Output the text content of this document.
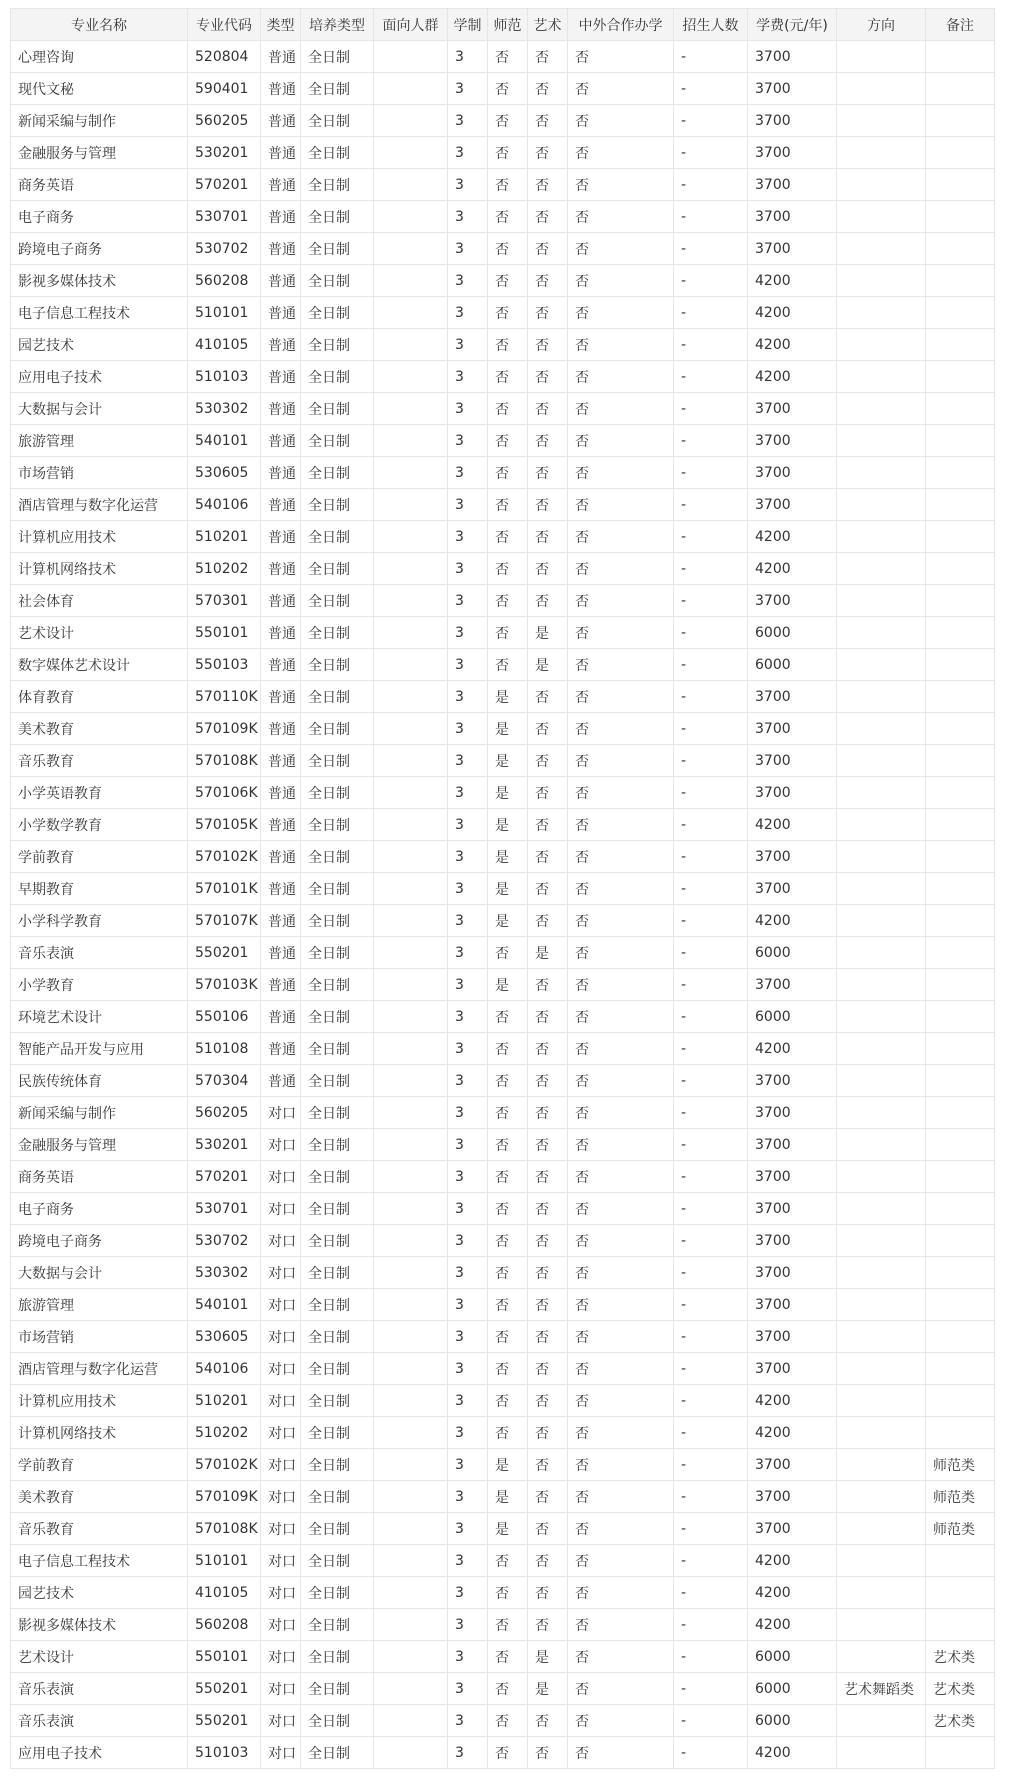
专业名称	专业代码	类型	培养类型	面向人群	学制	师范	艺术	中外合作办学	招生人数	学费(元/年)	方向	备注
心理咨询	520804	普通	全日制		3	否	否	否	-	3700		
现代文秘	590401	普通	全日制		3	否	否	否	-	3700		
新闻采编与制作	560205	普通	全日制		3	否	否	否	-	3700		
金融服务与管理	530201	普通	全日制		3	否	否	否	-	3700		
商务英语	570201	普通	全日制		3	否	否	否	-	3700		
电子商务	530701	普通	全日制		3	否	否	否	-	3700		
跨境电子商务	530702	普通	全日制		3	否	否	否	-	3700		
影视多媒体技术	560208	普通	全日制		3	否	否	否	-	4200		
电子信息工程技术	510101	普通	全日制		3	否	否	否	-	4200		
园艺技术	410105	普通	全日制		3	否	否	否	-	4200		
应用电子技术	510103	普通	全日制		3	否	否	否	-	4200		
大数据与会计	530302	普通	全日制		3	否	否	否	-	3700		
旅游管理	540101	普通	全日制		3	否	否	否	-	3700		
市场营销	530605	普通	全日制		3	否	否	否	-	3700		
酒店管理与数字化运营	540106	普通	全日制		3	否	否	否	-	3700		
计算机应用技术	510201	普通	全日制		3	否	否	否	-	4200		
计算机网络技术	510202	普通	全日制		3	否	否	否	-	4200		
社会体育	570301	普通	全日制		3	否	否	否	-	3700		
艺术设计	550101	普通	全日制		3	否	是	否	-	6000		
数字媒体艺术设计	550103	普通	全日制		3	否	是	否	-	6000		
体育教育	570110K	普通	全日制		3	是	否	否	-	3700		
美术教育	570109K	普通	全日制		3	是	否	否	-	3700		
音乐教育	570108K	普通	全日制		3	是	否	否	-	3700		
小学英语教育	570106K	普通	全日制		3	是	否	否	-	3700		
小学数学教育	570105K	普通	全日制		3	是	否	否	-	4200		
学前教育	570102K	普通	全日制		3	是	否	否	-	3700		
早期教育	570101K	普通	全日制		3	是	否	否	-	3700		
小学科学教育	570107K	普通	全日制		3	是	否	否	-	4200		
音乐表演	550201	普通	全日制		3	否	是	否	-	6000		
小学教育	570103K	普通	全日制		3	是	否	否	-	3700		
环境艺术设计	550106	普通	全日制		3	否	否	否	-	6000		
智能产品开发与应用	510108	普通	全日制		3	否	否	否	-	4200		
民族传统体育	570304	普通	全日制		3	否	否	否	-	3700		
新闻采编与制作	560205	对口	全日制		3	否	否	否	-	3700		
金融服务与管理	530201	对口	全日制		3	否	否	否	-	3700		
商务英语	570201	对口	全日制		3	否	否	否	-	3700		
电子商务	530701	对口	全日制		3	否	否	否	-	3700		
跨境电子商务	530702	对口	全日制		3	否	否	否	-	3700		
大数据与会计	530302	对口	全日制		3	否	否	否	-	3700		
旅游管理	540101	对口	全日制		3	否	否	否	-	3700		
市场营销	530605	对口	全日制		3	否	否	否	-	3700		
酒店管理与数字化运营	540106	对口	全日制		3	否	否	否	-	3700		
计算机应用技术	510201	对口	全日制		3	否	否	否	-	4200		
计算机网络技术	510202	对口	全日制		3	否	否	否	-	4200		
学前教育	570102K	对口	全日制		3	是	否	否	-	3700		师范类
美术教育	570109K	对口	全日制		3	是	否	否	-	3700		师范类
音乐教育	570108K	对口	全日制		3	是	否	否	-	3700		师范类
电子信息工程技术	510101	对口	全日制		3	否	否	否	-	4200		
园艺技术	410105	对口	全日制		3	否	否	否	-	4200		
影视多媒体技术	560208	对口	全日制		3	否	否	否	-	4200		
艺术设计	550101	对口	全日制		3	否	是	否	-	6000		艺术类
音乐表演	550201	对口	全日制		3	否	是	否	-	6000	艺术舞蹈类	艺术类
音乐表演	550201	对口	全日制		3	否	否	否	-	6000		艺术类
应用电子技术	510103	对口	全日制		3	否	否	否	-	4200		
